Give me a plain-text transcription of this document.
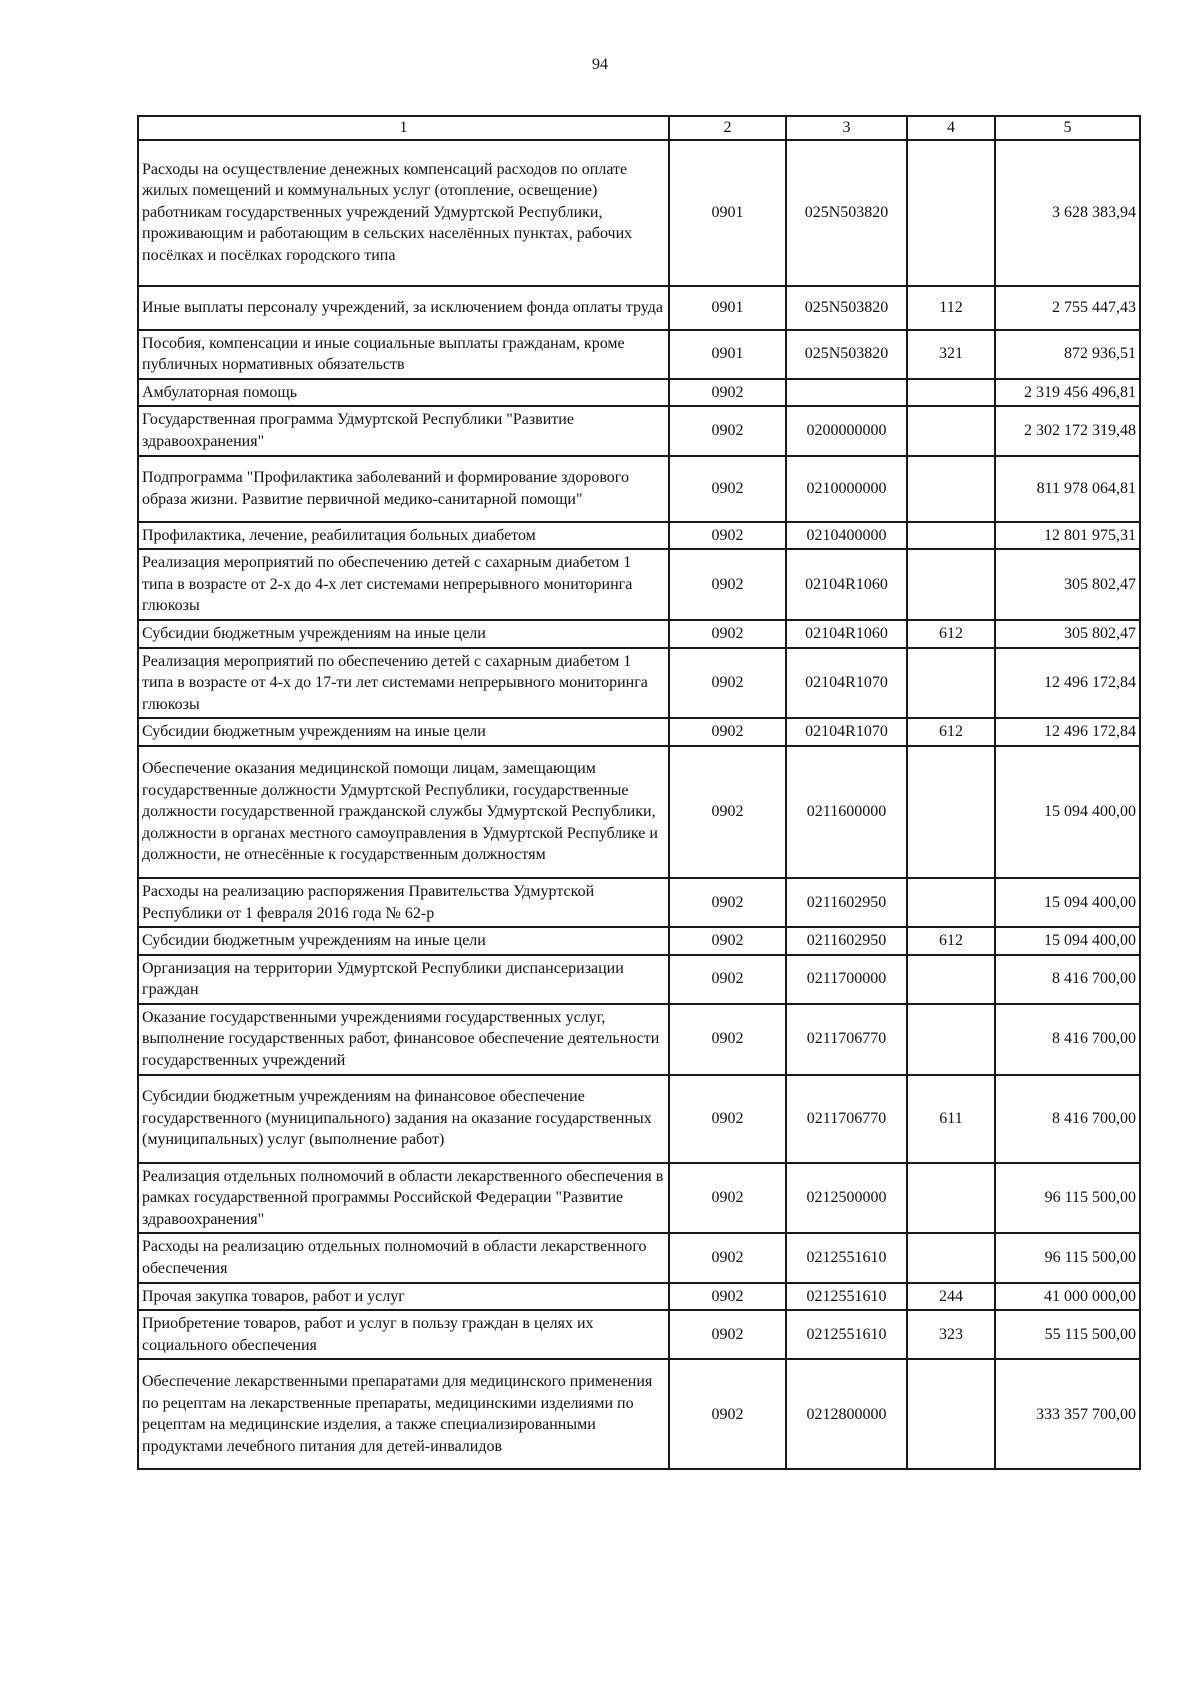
94
1	2	3	4	5
Расходы на осуществление денежных компенсаций расходов по оплате жилых помещений и коммунальных услуг (отопление, освещение) работникам государственных учреждений Удмуртской Республики, проживающим и работающим в сельских населённых пунктах, рабочих посёлках и посёлках городского типа	0901	025N503820		3 628 383,94
Иные выплаты персоналу учреждений, за исключением фонда оплаты труда	0901	025N503820	112	2 755 447,43
Пособия, компенсации и иные социальные выплаты гражданам, кроме публичных нормативных обязательств	0901	025N503820	321	872 936,51
Амбулаторная помощь	0902			2 319 456 496,81
Государственная программа Удмуртской Республики "Развитие здравоохранения"	0902	0200000000		2 302 172 319,48
Подпрограмма "Профилактика заболеваний и формирование здорового образа жизни. Развитие первичной медико-санитарной помощи"	0902	0210000000		811 978 064,81
Профилактика, лечение, реабилитация больных диабетом	0902	0210400000		12 801 975,31
Реализация мероприятий по обеспечению детей с сахарным диабетом 1 типа в возрасте от 2-х до 4-х лет системами непрерывного мониторинга глюкозы	0902	02104R1060		305 802,47
Субсидии бюджетным учреждениям на иные цели	0902	02104R1060	612	305 802,47
Реализация мероприятий по обеспечению детей с сахарным диабетом 1 типа в возрасте от 4-х до 17-ти лет системами непрерывного мониторинга глюкозы	0902	02104R1070		12 496 172,84
Субсидии бюджетным учреждениям на иные цели	0902	02104R1070	612	12 496 172,84
Обеспечение оказания медицинской помощи лицам, замещающим государственные должности Удмуртской Республики, государственные должности государственной гражданской службы Удмуртской Республики, должности в органах местного самоуправления в Удмуртской Республике и должности, не отнесённые к государственным должностям	0902	0211600000		15 094 400,00
Расходы на реализацию распоряжения Правительства Удмуртской Республики от 1 февраля 2016 года № 62-р	0902	0211602950		15 094 400,00
Субсидии бюджетным учреждениям на иные цели	0902	0211602950	612	15 094 400,00
Организация на территории Удмуртской Республики диспансеризации граждан	0902	0211700000		8 416 700,00
Оказание государственными учреждениями государственных услуг, выполнение государственных работ, финансовое обеспечение деятельности государственных учреждений	0902	0211706770		8 416 700,00
Субсидии бюджетным учреждениям на финансовое обеспечение государственного (муниципального) задания на оказание государственных (муниципальных) услуг (выполнение работ)	0902	0211706770	611	8 416 700,00
Реализация отдельных полномочий в области лекарственного обеспечения в рамках государственной программы Российской Федерации "Развитие здравоохранения"	0902	0212500000		96 115 500,00
Расходы на реализацию отдельных полномочий в области лекарственного обеспечения	0902	0212551610		96 115 500,00
Прочая закупка товаров, работ и услуг	0902	0212551610	244	41 000 000,00
Приобретение товаров, работ и услуг в пользу граждан в целях их социального обеспечения	0902	0212551610	323	55 115 500,00
Обеспечение лекарственными препаратами для медицинского применения по рецептам на лекарственные препараты, медицинскими изделиями по рецептам на медицинские изделия, а также специализированными продуктами лечебного питания для детей-инвалидов	0902	0212800000		333 357 700,00
